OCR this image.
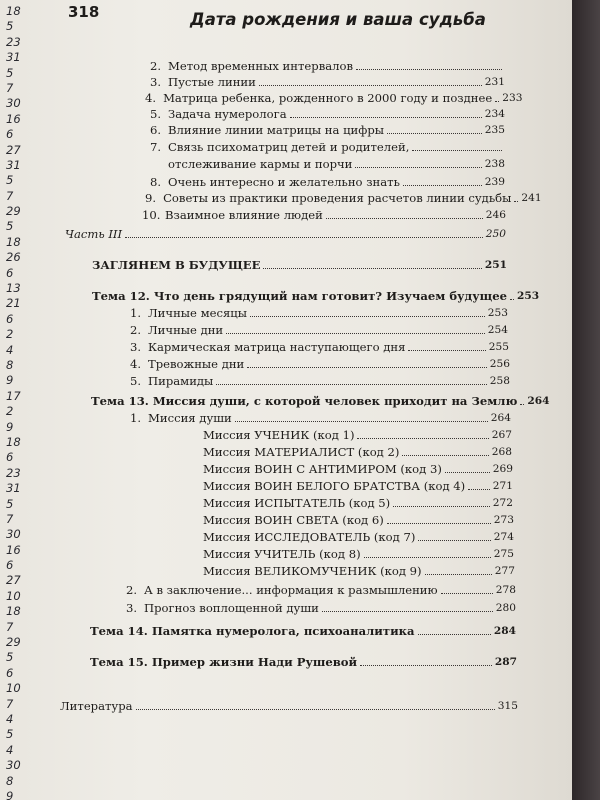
18
5
23
31
5
7
30
16
6
27
31
5
7
29
5
18
26
6
13
21
6
2
4
8
9
17
2
9
18
6
23
31
5
7
30
16
6
27
10
18
7
29
5
6
10
7
4
5
4
30
8
9
318	Дата рождения и ваша судьба
2. Метод временных интервалов
3. Пустые линии	231
4. Матрица ребенка, рожденного в 2000 году и позднее 233
5. Задача нумеролога	234
6. Влияние линии матрицы на цифры	235
7. Связь психоматриц детей и родителей,
отслеживание кармы и порчи	238
8. Очень интересно и желательно знать	239
9. Советы из практики проведения расчетов линии судьбы 241
10. Взаимное влияние людей	246
Часть III	250
ЗАГЛЯНЕМ В БУДУЩЕЕ	251
Тема 12. Что день грядущий нам готовит? Изучаем будущее 253
1. Личные месяцы	253
2. Личные дни	254
3. Кармическая матрица наступающего дня	255
4. Тревожные дни	256
5. Пирамиды	258
Тема 13. Миссия души, с которой человек приходит на Землю 264
1. Миссия души	264
Миссия УЧЕНИК (код 1)	267
Миссия МАТЕРИАЛИСТ (код 2)	268
Миссия ВОИН С АНТИМИРОМ (код 3)	269
Миссия ВОИН БЕЛОГО БРАТСТВА (код 4)	271
Миссия ИСПЫТАТЕЛЬ (код 5)	272
Миссия ВОИН СВЕТА (код 6)	273
Миссия ИССЛЕДОВАТЕЛЬ (код 7)	274
Миссия УЧИТЕЛЬ (код 8)	275
Миссия ВЕЛИКОМУЧЕНИК (код 9)	277
2. А в заключение... информация к размышлению	278
3. Прогноз воплощенной души	280
Тема 14. Памятка нумеролога, психоаналитика	284
Тема 15. Пример жизни Нади Рушевой	287
Литература	315
